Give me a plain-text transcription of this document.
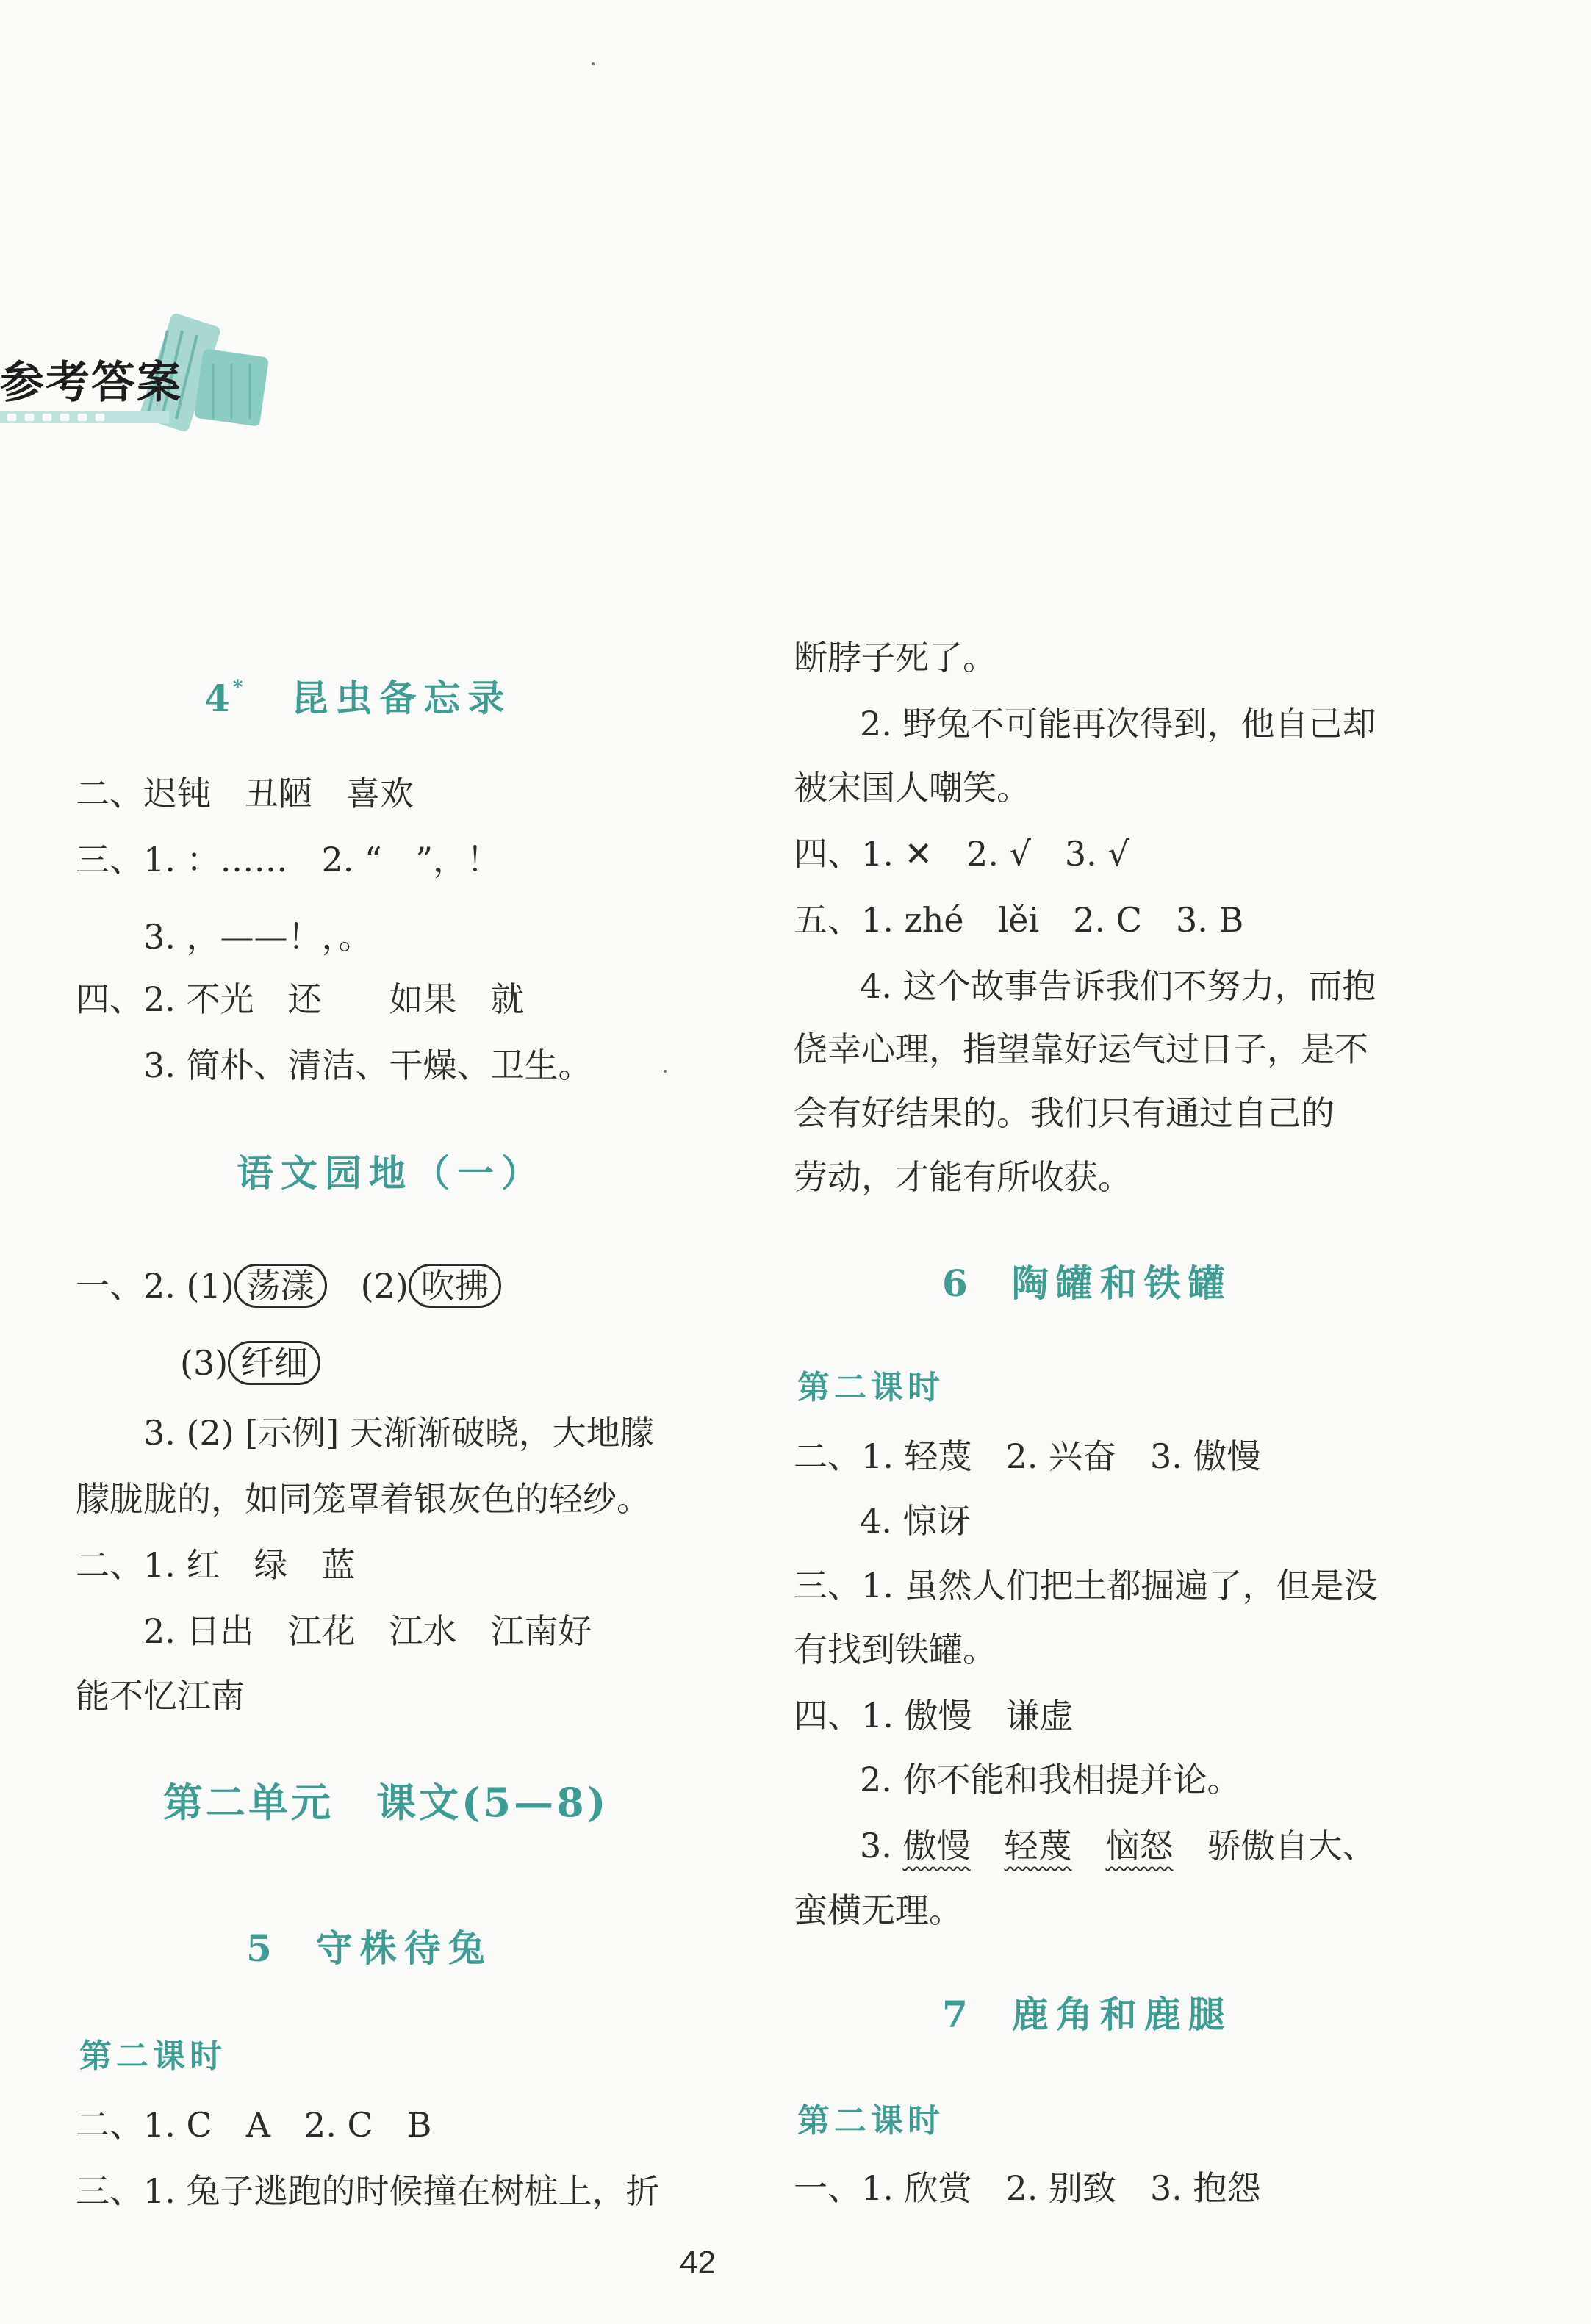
参考答案
4 * 昆虫备忘录
二、迟钝　丑陋　喜欢
三、1. ：……　2. “　”，！
3. ，——！，。
四、2. 不光　还　　如果　就
3. 简朴、清洁、干燥、卫生。
语文园地（一）
一、2. (1) 荡漾　(2) 吹拂
(3) 纤细
3. (2) [示例] 天渐渐破晓，大地朦
朦胧胧的，如同笼罩着银灰色的轻纱。
二、1. 红　绿　蓝
2. 日出　江花　江水　江南好
能不忆江南
第二单元　课文(5—8)
5 守株待兔
第二课时
二、1. C　A　2. C　B
三、1. 兔子逃跑的时候撞在树桩上，折
断脖子死了。
2. 野兔不可能再次得到，他自己却
被宋国人嘲笑。
四、1. ✕　2. √　3. √
五、1. zhé　lěi　2. C　3. B
4. 这个故事告诉我们不努力，而抱
侥幸心理，指望靠好运气过日子，是不
会有好结果的。我们只有通过自己的
劳动，才能有所收获。
6 陶罐和铁罐
第二课时
二、1. 轻蔑　2. 兴奋　3. 傲慢
4. 惊讶
三、1. 虽然人们把土都掘遍了，但是没
有找到铁罐。
四、1. 傲慢　谦虚
2. 你不能和我相提并论。
3. 傲慢　 轻蔑　 恼怒　 骄傲自大、
蛮横无理。
7 鹿角和鹿腿
第二课时
一、1. 欣赏　2. 别致　3. 抱怨
42
